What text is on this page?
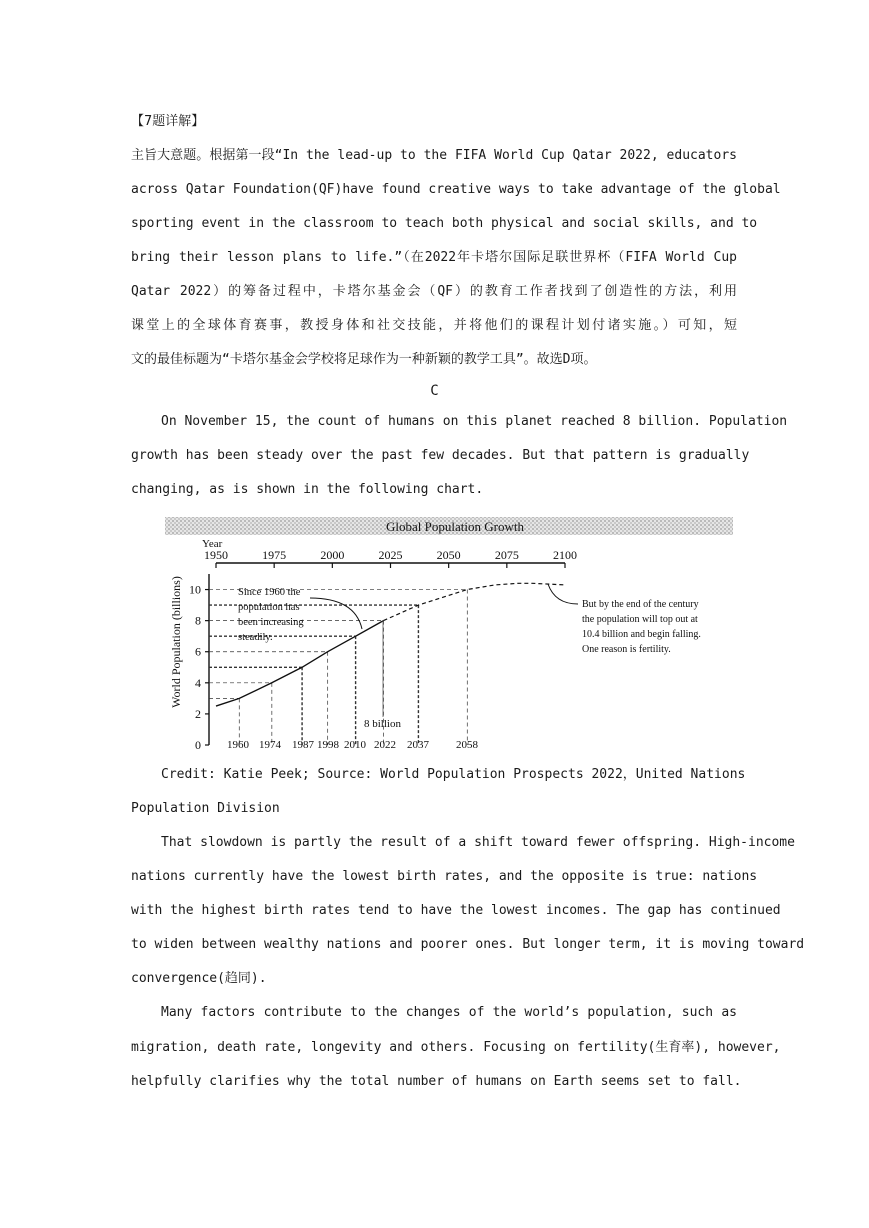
【7题详解】
主旨大意题。根据第一段“In the lead-up to the FIFA World Cup Qatar 2022, educators
across Qatar Foundation(QF)have found creative ways to take advantage of the global
sporting event in the classroom to teach both physical and social skills, and to
bring their lesson plans to life.”（在2022年卡塔尔国际足联世界杯（FIFA World Cup
Qatar 2022）的筹备过程中，卡塔尔基金会（QF）的教育工作者找到了创造性的方法，利用
课堂上的全球体育赛事，教授身体和社交技能，并将他们的课程计划付诸实施。）可知，短
文的最佳标题为“卡塔尔基金会学校将足球作为一种新颖的教学工具”。故选D项。
C
On November 15, the count of humans on this planet reached 8 billion. Population
growth has been steady over the past few decades. But that pattern is gradually
changing, as is shown in the following chart.
Global Population Growth
Year
1950	1975	2000	2025	2050	2075	2100
0
2
4
6
8
10
World Population (billions)
1960 1974 1987 1998 2010 2022 2037 2058
Since 1960 the
population has
been increasing
steadily.
But by the end of the century
the population will top out at
10.4 billion and begin falling.
One reason is fertility.
8 billion
Credit: Katie Peek; Source: World Population Prospects 2022，United Nations
Population Division
That slowdown is partly the result of a shift toward fewer offspring. High-income
nations currently have the lowest birth rates, and the opposite is true: nations
with the highest birth rates tend to have the lowest incomes. The gap has continued
to widen between wealthy nations and poorer ones. But longer term, it is moving toward
convergence(趋同).
Many factors contribute to the changes of the world’s population, such as
migration, death rate, longevity and others. Focusing on fertility(生育率), however,
helpfully clarifies why the total number of humans on Earth seems set to fall.
